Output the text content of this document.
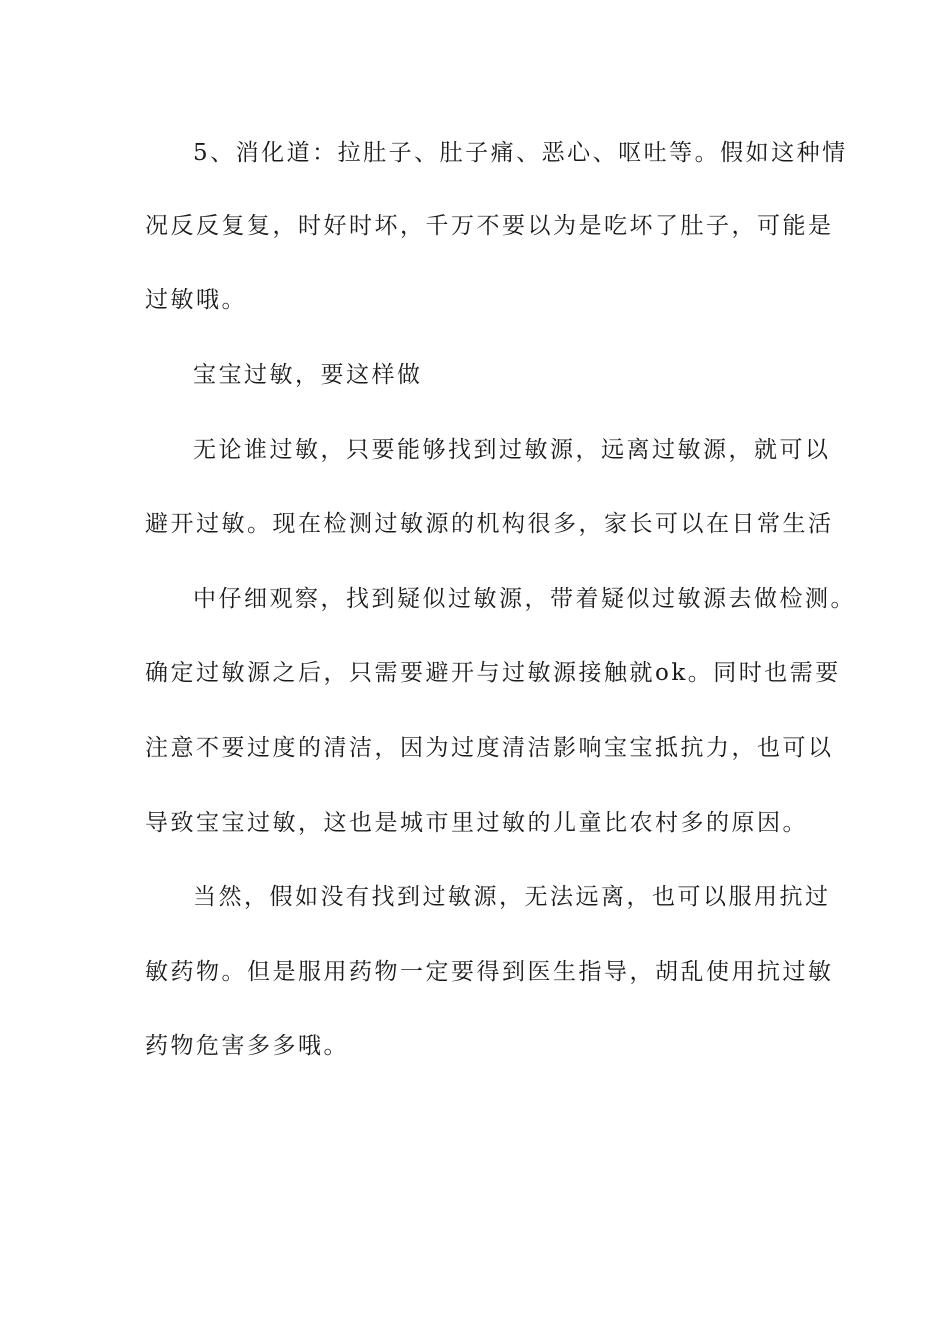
5、消化道：拉肚子、肚子痛、恶心、呕吐等。假如这种情
况反反复复，时好时坏，千万不要以为是吃坏了肚子，可能是
过敏哦。
宝宝过敏，要这样做
无论谁过敏，只要能够找到过敏源，远离过敏源，就可以
避开过敏。现在检测过敏源的机构很多，家长可以在日常生活
中仔细观察，找到疑似过敏源，带着疑似过敏源去做检测。
确定过敏源之后，只需要避开与过敏源接触就ok。同时也需要
注意不要过度的清洁，因为过度清洁影响宝宝抵抗力，也可以
导致宝宝过敏，这也是城市里过敏的儿童比农村多的原因。
当然，假如没有找到过敏源，无法远离，也可以服用抗过
敏药物。但是服用药物一定要得到医生指导，胡乱使用抗过敏
药物危害多多哦。
